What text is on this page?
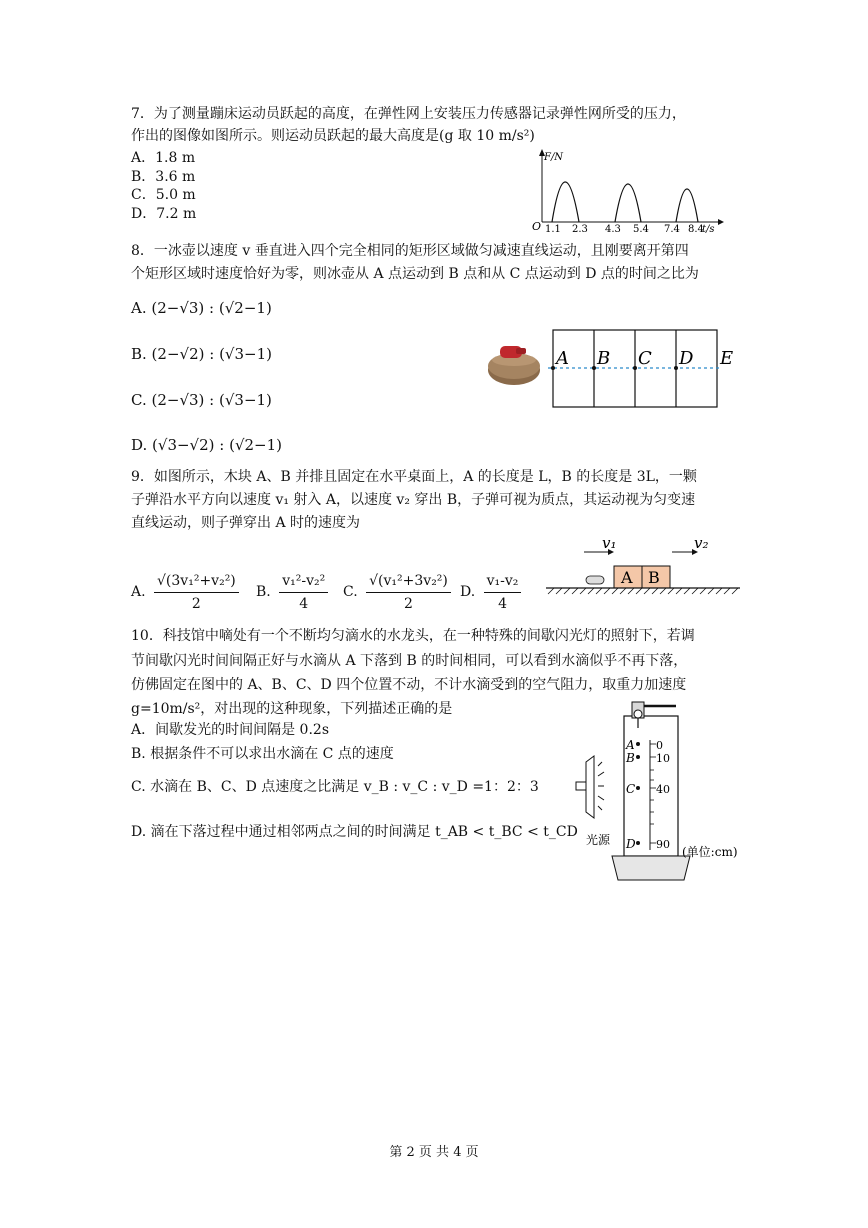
7．为了测量蹦床运动员跃起的高度，在弹性网上安装压力传感器记录弹性网所受的压力，
作出的图像如图所示。则运动员跃起的最大高度是(g 取 10 m/s²)
A．1.8 m
B．3.6 m
C．5.0 m
D．7.2 m
F/N
t/s
O 1.1 2.3 4.3 5.4 7.4 8.4
8．一冰壶以速度 v 垂直进入四个完全相同的矩形区域做匀减速直线运动，且刚要离开第四
个矩形区域时速度恰好为零，则冰壶从 A 点运动到 B 点和从 C 点运动到 D 点的时间之比为
A. (2−√3) : (√2−1)
B. (2−√2) : (√3−1)
C. (2−√3) : (√3−1)
D. (√3−√2) : (√2−1)
A B C D E
9．如图所示，木块 A、B 并排且固定在水平桌面上，A 的长度是 L，B 的长度是 3L，一颗
子弹沿水平方向以速度 v₁ 射入 A，以速度 v₂ 穿出 B，子弹可视为质点，其运动视为匀变速
直线运动，则子弹穿出 A 时的速度为
A. $\frac{\text{√(3v₁²+v₂²)}}{2} B$. $\frac{\text{v₁²-v₂²}}{4} C$. $\frac{\text{√(v₁²+3v₂²)}}{2} D$. $\frac{\text{v₁-v₂}}{4}$
v₁	v₂
A B
10．科技馆中嘀处有一个不断均匀滴水的水龙头，在一种特殊的间歇闪光灯的照射下，若调
节间歇闪光时间间隔正好与水滴从 A 下落到 B 的时间相同，可以看到水滴似乎不再下落，
仿佛固定在图中的 A、B、C、D 四个位置不动，不计水滴受到的空气阻力，取重力加速度
g=10m/s²，对出现的这种现象，下列描述正确的是
A．间歇发光的时间间隔是 0.2s
B. 根据条件不可以求出水滴在 C 点的速度
C. 水滴在 B、C、D 点速度之比满足 v_B : v_C : v_D =1：2：3
D. 滴在下落过程中通过相邻两点之间的时间满足 t_AB < t_BC < t_CD 光源
A
B
C
D
0
10
40
90
(单位:cm)
第 2 页 共 4 页
